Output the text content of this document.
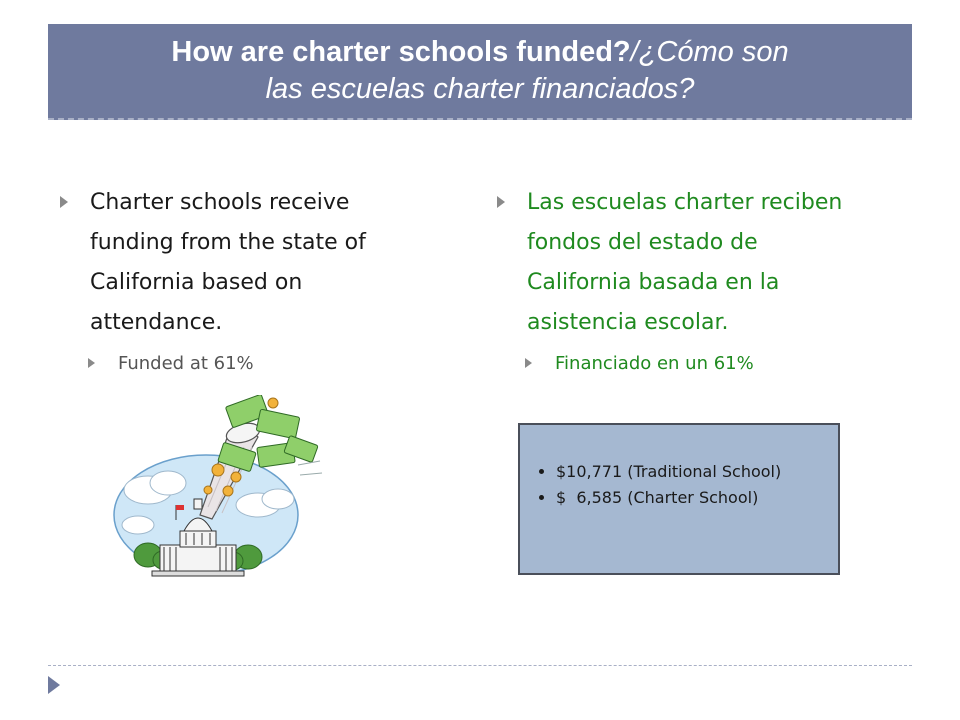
How are charter schools funded?/¿Cómo son
las escuelas charter financiados?
Charter schools receive
funding from the state of
California based on
attendance.
Funded at 61%
Las escuelas charter reciben
fondos del estado de
California basada en la
asistencia escolar.
Financiado en un 61%
• $10,771 (Traditional School)
• $  6,585 (Charter School)
